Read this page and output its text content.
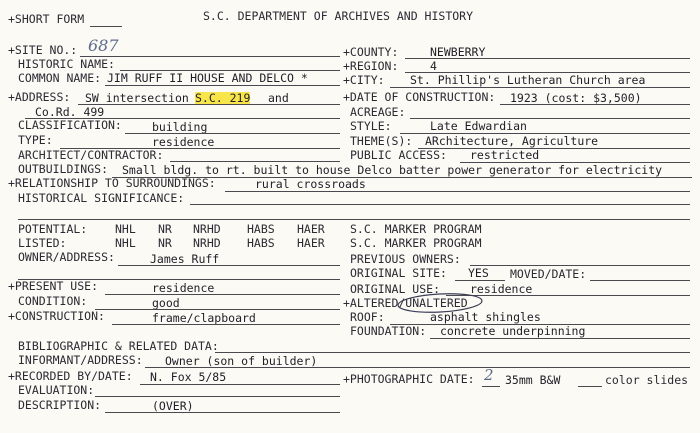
+SHORT FORM	S.C. DEPARTMENT OF ARCHIVES AND HISTORY
+SITE NO.: 687
HISTORIC NAME:
COMMON NAME: JIM RUFF II HOUSE AND DELCO *
+ADDRESS: SW intersection S.C. 219 and
Co.Rd. 499
CLASSIFICATION:	building
TYPE:	residence
ARCHITECT/CONTRACTOR:
+COUNTY:	NEWBERRY
+REGION:	4
+CITY: St. Phillip's Lutheran Church area
+DATE OF CONSTRUCTION: 1923 (cost: $3,500)
ACREAGE:
STYLE:	Late Edwardian
THEME(S): ARchitecture, Agriculture
PUBLIC ACCESS: restricted
OUTBUILDINGS: Small bldg. to rt. built to house Delco batter power generator for electricity
+RELATIONSHIP TO SURROUNDINGS:	rural crossroads
HISTORICAL SIGNIFICANCE:
POTENTIAL: NHL NR NRHD HABS HAER S.C. MARKER PROGRAM
LISTED:	NHL NR NRHD HABS HAER S.C. MARKER PROGRAM
OWNER/ADDRESS:	James Ruff	PREVIOUS OWNERS:
ORIGINAL SITE: YES MOVED/DATE:
+PRESENT USE:	residence	ORIGINAL USE:	residence
CONDITION:	good	+ALTERED/UNALTERED
+CONSTRUCTION:	frame/clapboard	ROOF:	asphalt shingles
FOUNDATION: concrete underpinning
BIBLIOGRAPHIC & RELATED DATA:
INFORMANT/ADDRESS: Owner (son of builder)
+RECORDED BY/DATE: N. Fox 5/85	+PHOTOGRAPHIC DATE: 2 35mm B&W	color slides
EVALUATION:
DESCRIPTION:	(OVER)
